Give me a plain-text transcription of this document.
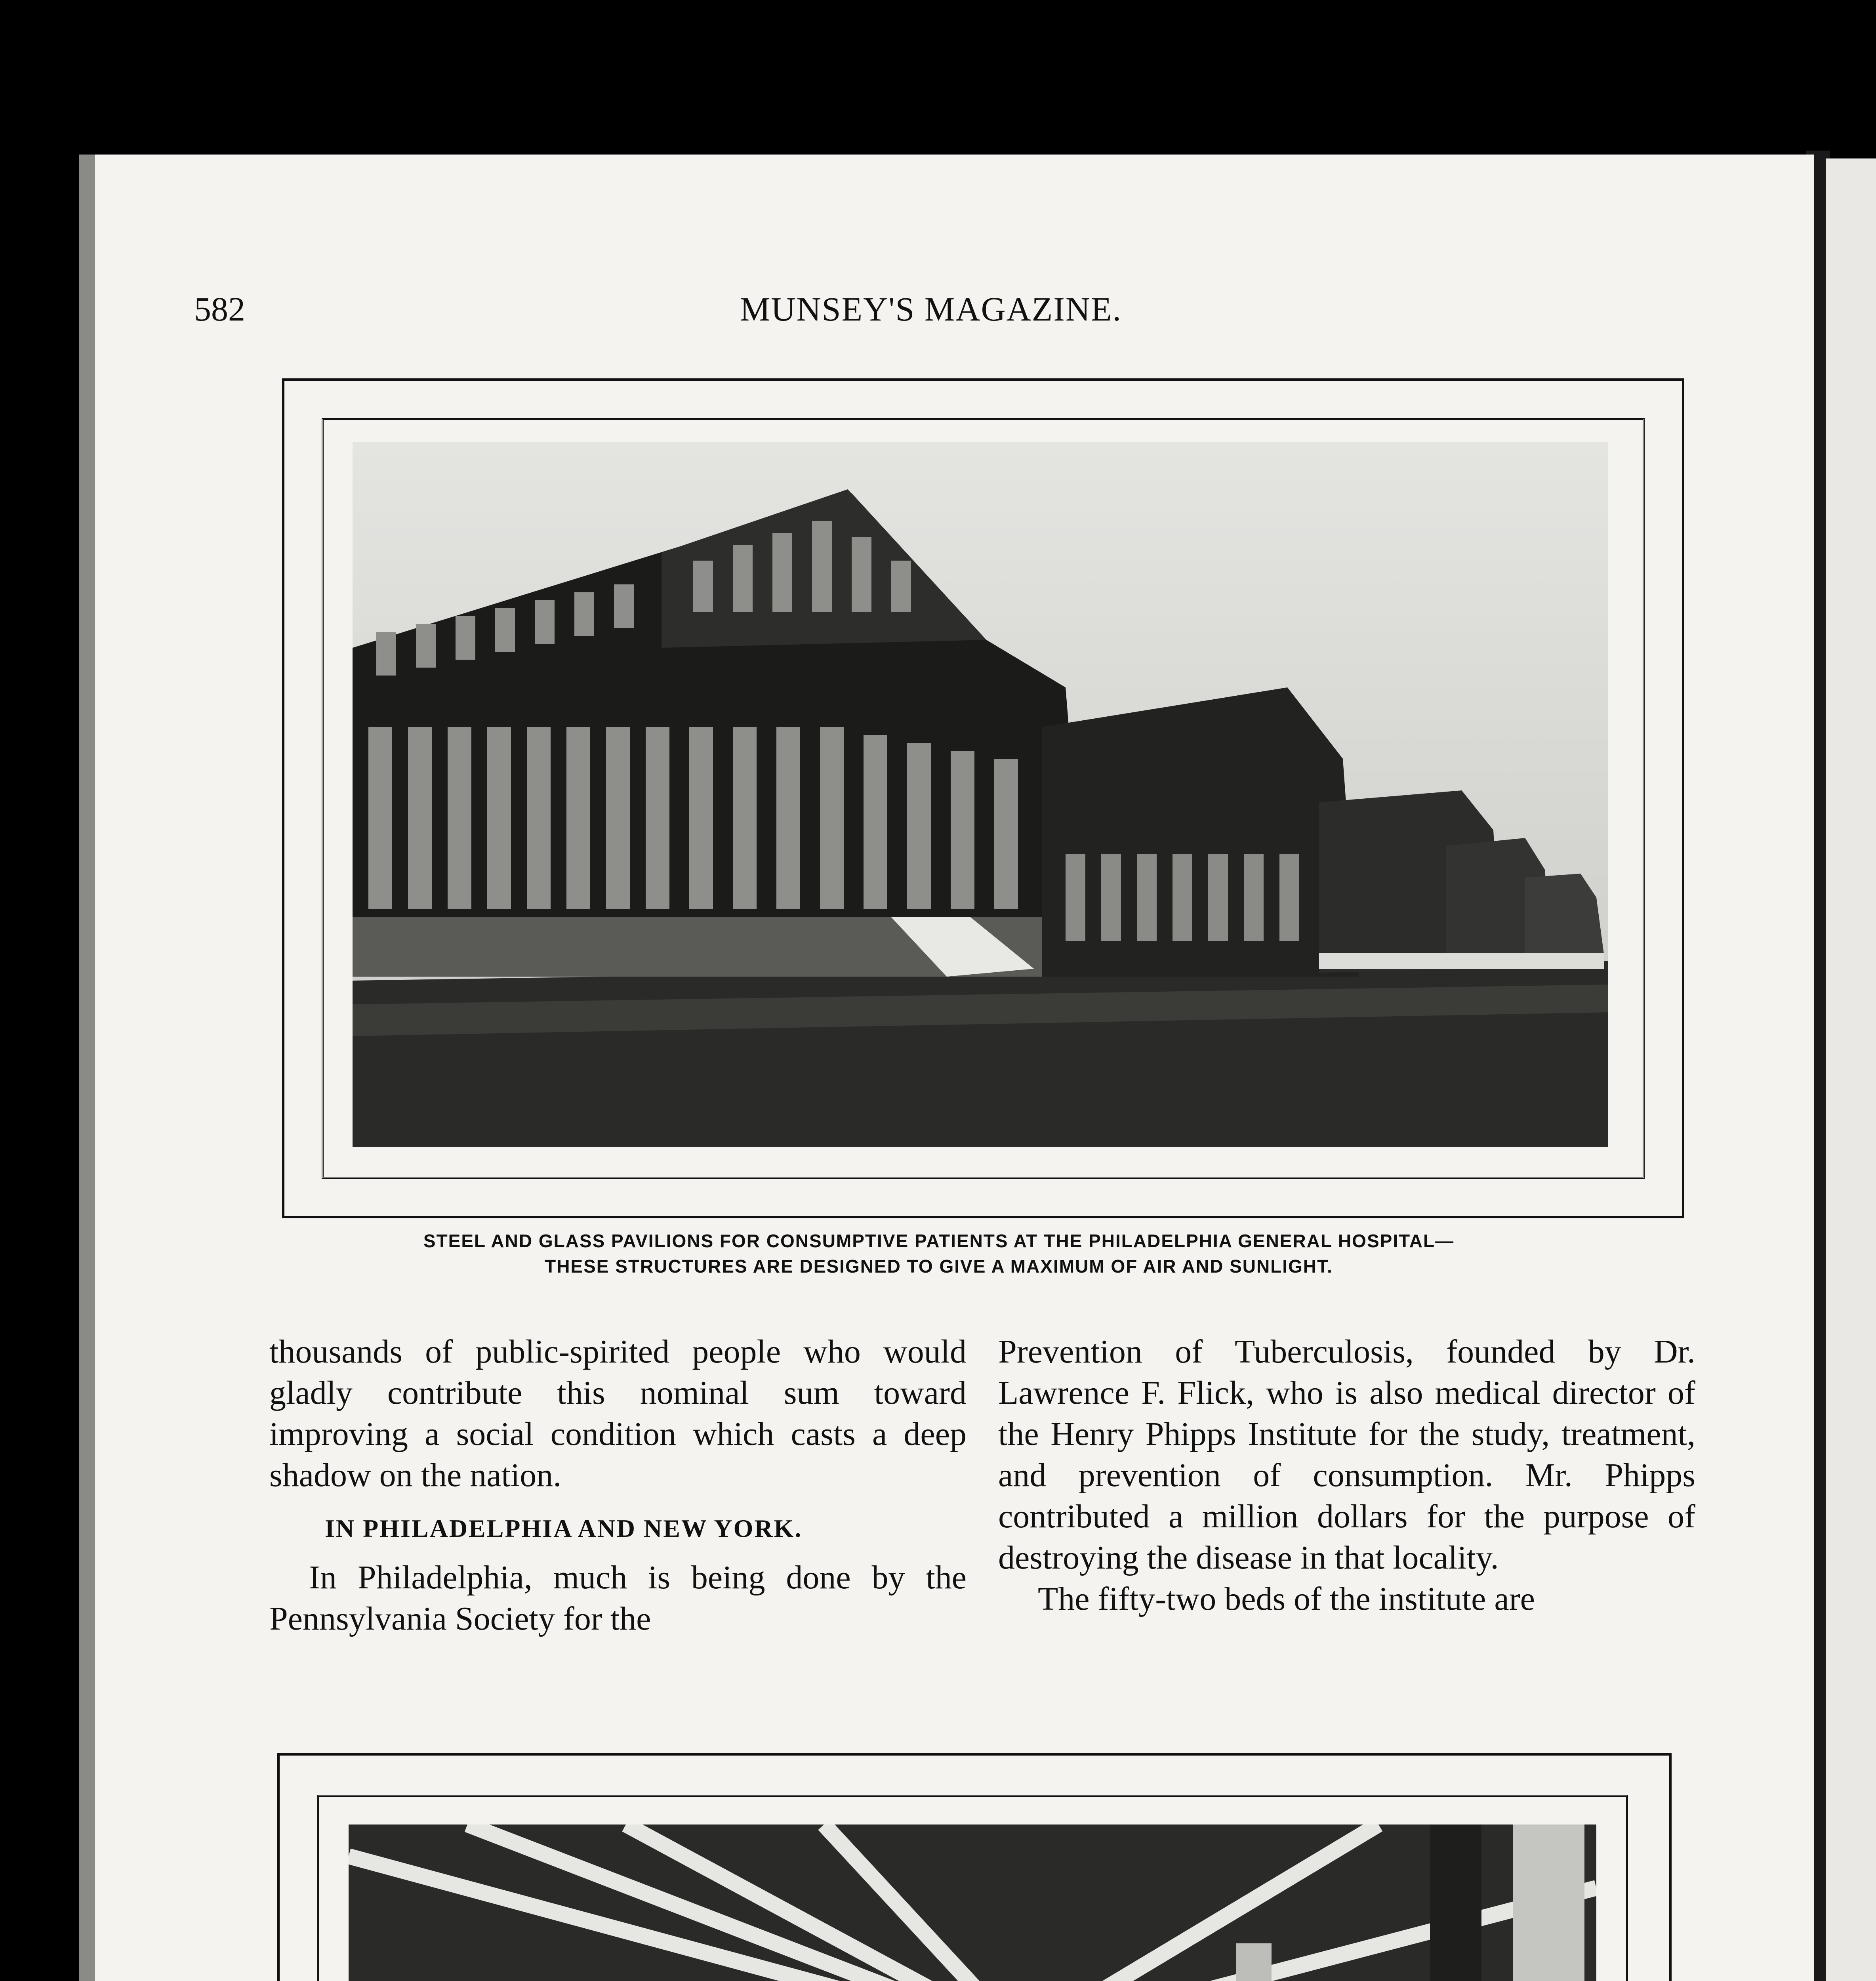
582	MUNSEY'S MAGAZINE.
STEEL AND GLASS PAVILIONS FOR CONSUMPTIVE PATIENTS AT THE PHILADELPHIA GENERAL HOSPITAL—
THESE STRUCTURES ARE DESIGNED TO GIVE A MAXIMUM OF AIR AND SUNLIGHT.

thousands of public-spirited people who would gladly contribute this nominal sum toward improving a social condition which casts a deep shadow on the nation.

IN PHILADELPHIA AND NEW YORK.

In Philadelphia, much is being done by the Pennsylvania Society for the

Prevention of Tuberculosis, founded by Dr. Lawrence F. Flick, who is also medical director of the Henry Phipps Institute for the study, treatment, and prevention of consumption. Mr. Phipps contributed a million dollars for the purpose of destroying the disease in that locality.

The fifty-two beds of the institute are
